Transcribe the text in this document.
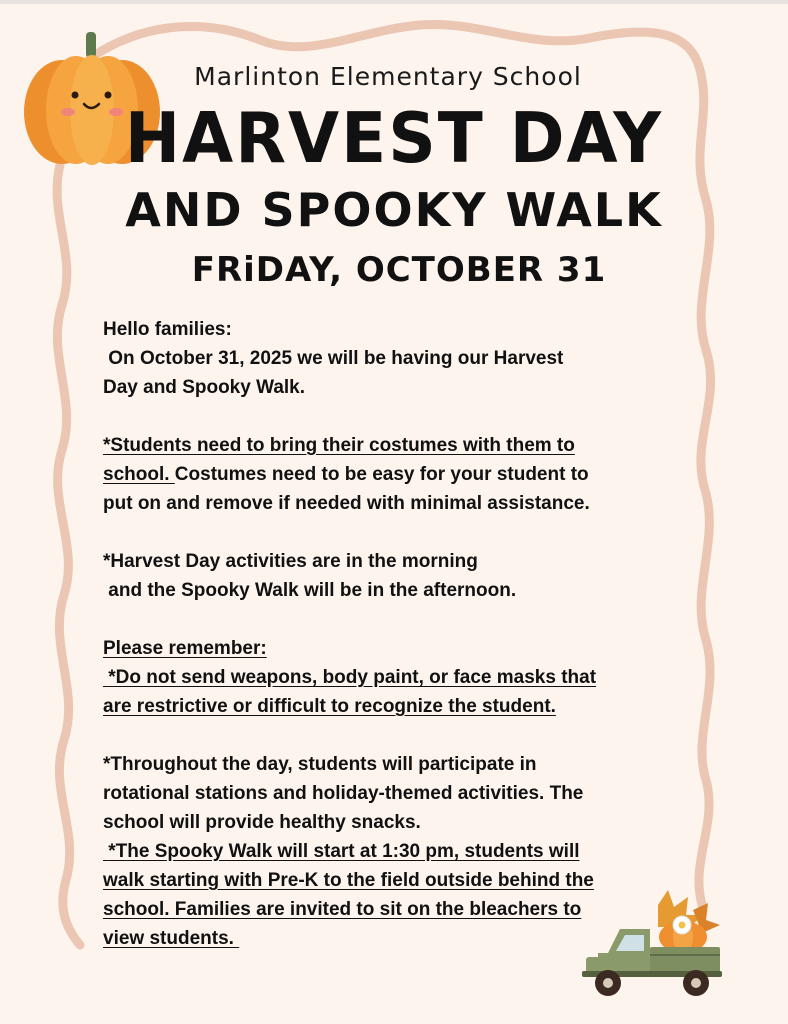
Marlinton Elementary School
HARVEST DAY
AND SPOOKY WALK
FRiDAY, OCTOBER 31

Hello families:

On October 31, 2025 we will be having our Harvest

Day and Spooky Walk.

*Students need to bring their costumes with them to

school. Costumes need to be easy for your student to

put on and remove if needed with minimal assistance.

*Harvest Day activities are in the morning

and the Spooky Walk will be in the afternoon.

Please remember:

*Do not send weapons, body paint, or face masks that

are restrictive or difficult to recognize the student.

*Throughout the day, students will participate in

rotational stations and holiday-themed activities. The

school will provide healthy snacks.

*The Spooky Walk will start at 1:30 pm, students will

walk starting with Pre-K to the field outside behind the

school. Families are invited to sit on the bleachers to

view students.
